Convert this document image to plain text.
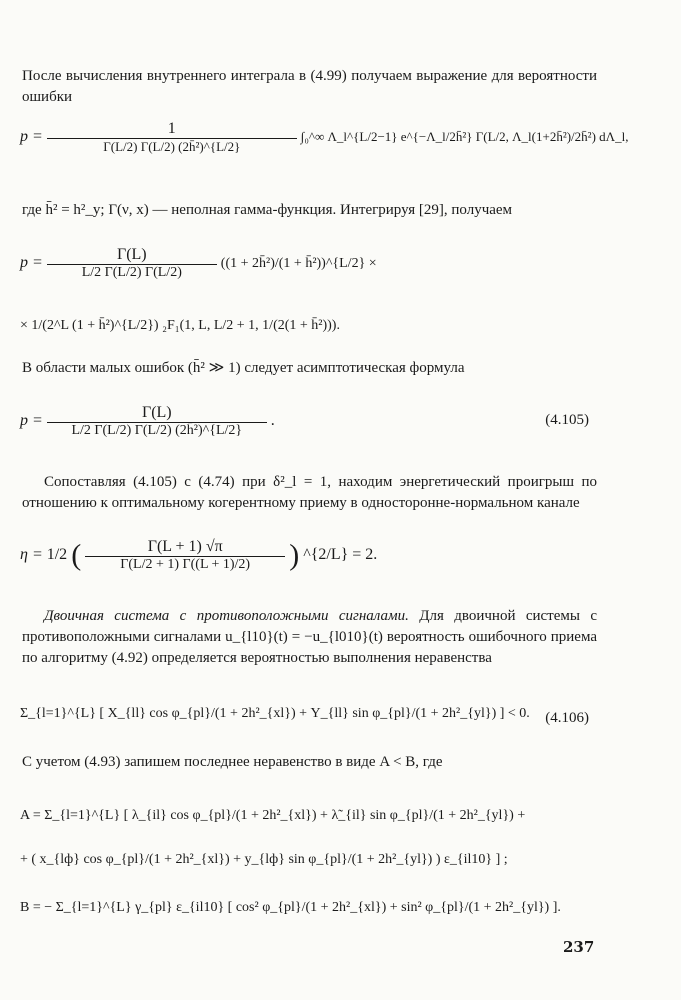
После вычисления внутреннего интеграла в (4.99) получаем выражение для вероятности ошибки
$p = \frac{1}{\text{Γ(L/2) Γ(L/2) (2h̄²)\textasciicircum{}\{L/2\}}}$ ∫₀^∞ Λ_l^{L/2−1} e^{−Λ_l/2h̄²} Γ(L/2, Λ_l(1+2h̄²)/2h̄²) dΛ_l,
где h̄² = h²_y; Γ(ν, x) — неполная гамма-функция. Интегрируя [29], получаем
$p = \frac{\Gamma(L)}{L/2 \Gamma(L/2) \Gamma(L/2)} ((1$ + 2h̄²)/(1 + h̄²))^{L/2} ×
× 1/(2^L (1 + h̄²)^{L/2}) ₂F₁(1, L, L/2 + 1, 1/(2(1 + h̄²))).
В области малых ошибок (h̄² ≫ 1) следует асимптотическая формула
$p = \frac{\Gamma(L)}{\text{L/2 Γ(L/2) Γ(L/2) (2h̄²)\textasciicircum{}\{L/2\}}}$ .	(4.105)
Сопоставляя (4.105) с (4.74) при δ²_l = 1, находим энергетический проигрыш по отношению к оптимальному когерентному приему в односторонне-нормальном канале
η = 1/2 ( $\frac{\Gamma(L + 1) √\pi}{\Gamma(L/2 + 1) \Gamma((L + 1)/2)}$ ) ^{2/L} = 2.
Двоичная система с противоположными сигналами. Для двоичной системы с противоположными сигналами u_{l10}(t) = −u_{l010}(t) вероятность ошибочного приема по алгоритму (4.92) определяется вероятностью выполнения неравенства
Σ_{l=1}^{L} [ X_{ll} cos φ_{pl}/(1 + 2h²_{xl}) + Y_{ll} sin φ_{pl}/(1 + 2h²_{yl}) ] < 0. (4.106)
С учетом (4.93) запишем последнее неравенство в виде A < B, где
A = Σ_{l=1}^{L} [ λ_{il} cos φ_{pl}/(1 + 2h²_{xl}) + λ̃_{il} sin φ_{pl}/(1 + 2h²_{yl}) +
+ ( x_{lф} cos φ_{pl}/(1 + 2h²_{xl}) + y_{lф} sin φ_{pl}/(1 + 2h²_{yl}) ) ε_{il10} ] ;
B = − Σ_{l=1}^{L} γ_{pl} ε_{il10} [ cos² φ_{pl}/(1 + 2h²_{xl}) + sin² φ_{pl}/(1 + 2h²_{yl}) ].
237
